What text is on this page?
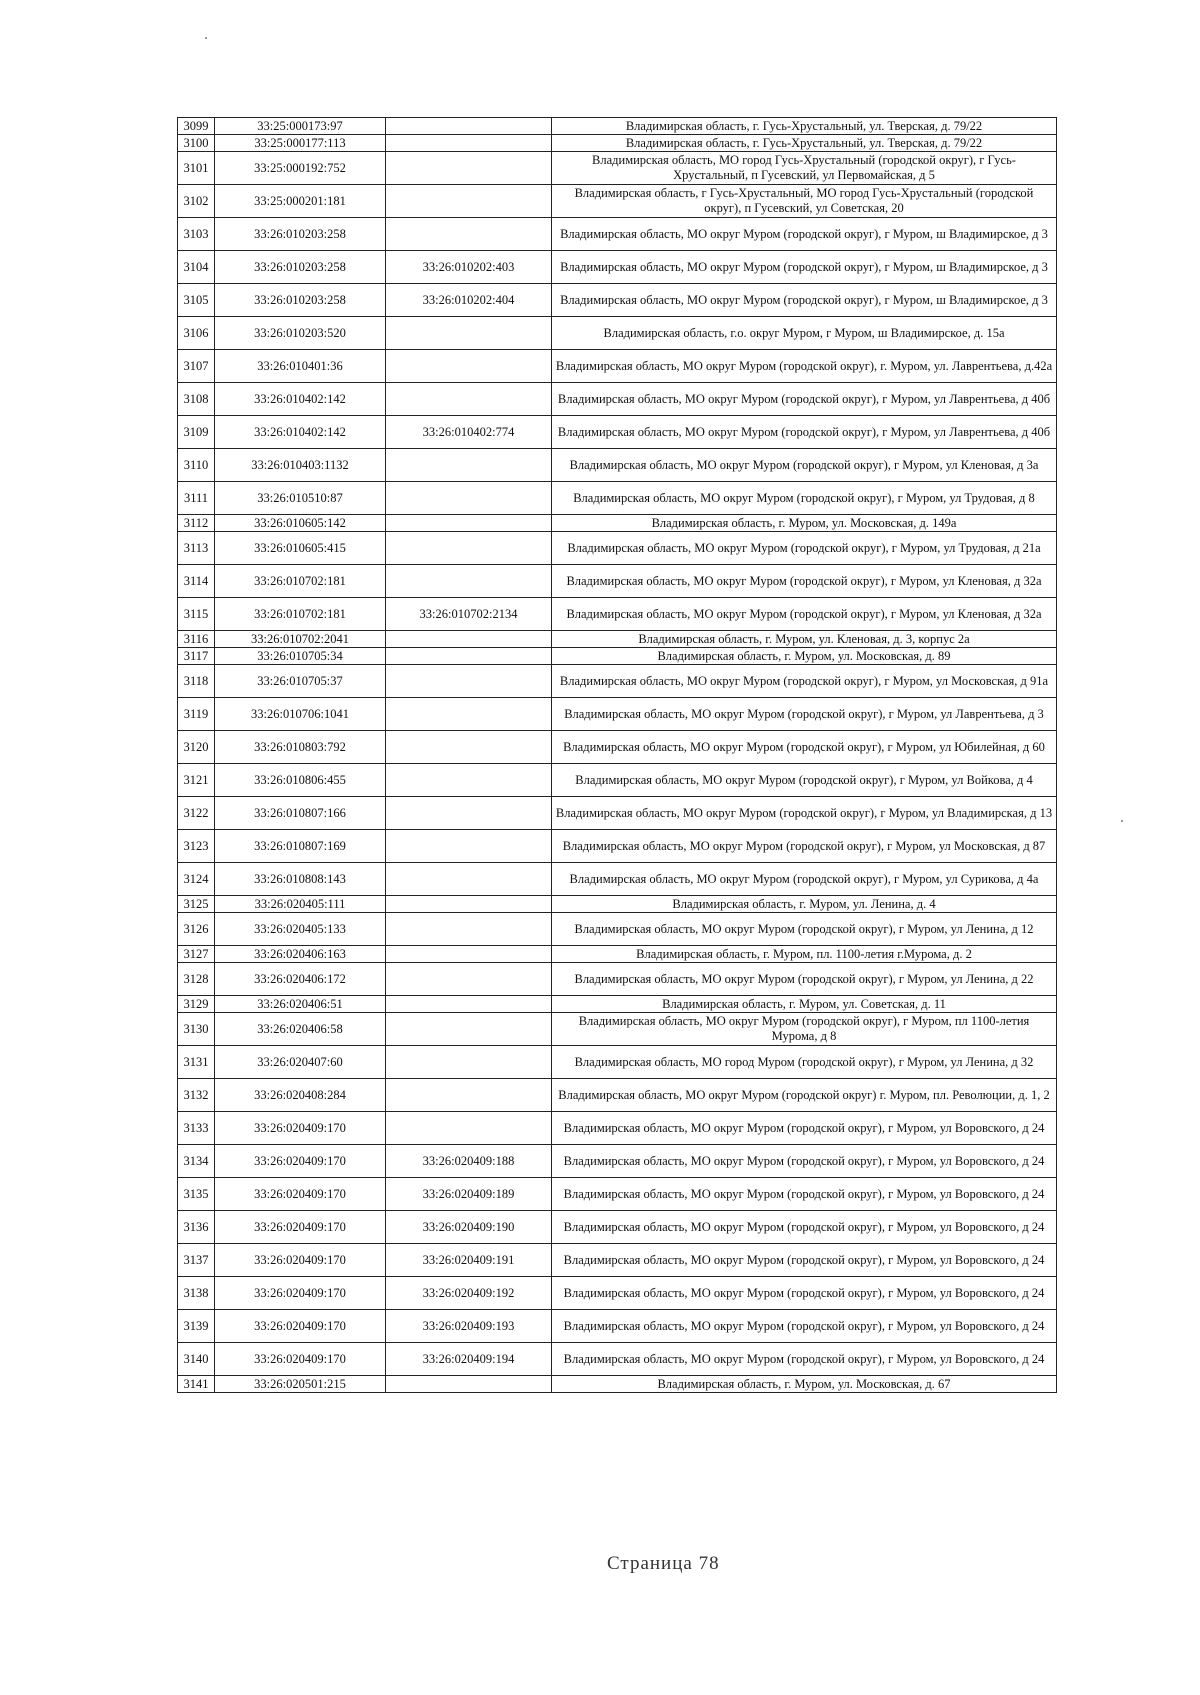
3099	33:25:000173:97		Владимирская область, г. Гусь-Хрустальный, ул. Тверская, д. 79/22
3100	33:25:000177:113		Владимирская область, г. Гусь-Хрустальный, ул. Тверская, д. 79/22
3101	33:25:000192:752		Владимирская область, МО город Гусь-Хрустальный (городской округ), г Гусь-Хрустальный, п Гусевский, ул Первомайская, д 5
3102	33:25:000201:181		Владимирская область, г Гусь-Хрустальный, МО город Гусь-Хрустальный (городской округ), п Гусевский, ул Советская, 20
3103	33:26:010203:258		Владимирская область, МО округ Муром (городской округ), г Муром, ш Владимирское, д 3
3104	33:26:010203:258	33:26:010202:403	Владимирская область, МО округ Муром (городской округ), г Муром, ш Владимирское, д 3
3105	33:26:010203:258	33:26:010202:404	Владимирская область, МО округ Муром (городской округ), г Муром, ш Владимирское, д 3
3106	33:26:010203:520		Владимирская область, г.о. округ Муром, г Муром, ш Владимирское, д. 15а
3107	33:26:010401:36		Владимирская область, МО округ Муром (городской округ), г. Муром, ул. Лаврентьева, д.42а
3108	33:26:010402:142		Владимирская область, МО округ Муром (городской округ), г Муром, ул Лаврентьева, д 40б
3109	33:26:010402:142	33:26:010402:774	Владимирская область, МО округ Муром (городской округ), г Муром, ул Лаврентьева, д 40б
3110	33:26:010403:1132		Владимирская область, МО округ Муром (городской округ), г Муром, ул Кленовая, д 3а
3111	33:26:010510:87		Владимирская область, МО округ Муром (городской округ), г Муром, ул Трудовая, д 8
3112	33:26:010605:142		Владимирская область, г. Муром, ул. Московская, д. 149а
3113	33:26:010605:415		Владимирская область, МО округ Муром (городской округ), г Муром, ул Трудовая, д 21а
3114	33:26:010702:181		Владимирская область, МО округ Муром (городской округ), г Муром, ул Кленовая, д 32а
3115	33:26:010702:181	33:26:010702:2134	Владимирская область, МО округ Муром (городской округ), г Муром, ул Кленовая, д 32а
3116	33:26:010702:2041		Владимирская область, г. Муром, ул. Кленовая, д. 3, корпус 2а
3117	33:26:010705:34		Владимирская область, г. Муром, ул. Московская, д. 89
3118	33:26:010705:37		Владимирская область, МО округ Муром (городской округ), г Муром, ул Московская, д 91а
3119	33:26:010706:1041		Владимирская область, МО округ Муром (городской округ), г Муром, ул Лаврентьева, д 3
3120	33:26:010803:792		Владимирская область, МО округ Муром (городской округ), г Муром, ул Юбилейная, д 60
3121	33:26:010806:455		Владимирская область, МО округ Муром (городской округ), г Муром, ул Войкова, д 4
3122	33:26:010807:166		Владимирская область, МО округ Муром (городской округ), г Муром, ул Владимирская, д 13
3123	33:26:010807:169		Владимирская область, МО округ Муром (городской округ), г Муром, ул Московская, д 87
3124	33:26:010808:143		Владимирская область, МО округ Муром (городской округ), г Муром, ул Сурикова, д 4а
3125	33:26:020405:111		Владимирская область, г. Муром, ул. Ленина, д. 4
3126	33:26:020405:133		Владимирская область, МО округ Муром (городской округ), г Муром, ул Ленина, д 12
3127	33:26:020406:163		Владимирская область, г. Муром, пл. 1100-летия г.Мурома, д. 2
3128	33:26:020406:172		Владимирская область, МО округ Муром (городской округ), г Муром, ул Ленина, д 22
3129	33:26:020406:51		Владимирская область, г. Муром, ул. Советская, д. 11
3130	33:26:020406:58		Владимирская область, МО округ Муром (городской округ), г Муром, пл 1100-летия Мурома, д 8
3131	33:26:020407:60		Владимирская область, МО город Муром (городской округ), г Муром, ул Ленина, д 32
3132	33:26:020408:284		Владимирская область, МО округ Муром (городской округ) г. Муром, пл. Революции, д. 1, 2
3133	33:26:020409:170		Владимирская область, МО округ Муром (городской округ), г Муром, ул Воровского, д 24
3134	33:26:020409:170	33:26:020409:188	Владимирская область, МО округ Муром (городской округ), г Муром, ул Воровского, д 24
3135	33:26:020409:170	33:26:020409:189	Владимирская область, МО округ Муром (городской округ), г Муром, ул Воровского, д 24
3136	33:26:020409:170	33:26:020409:190	Владимирская область, МО округ Муром (городской округ), г Муром, ул Воровского, д 24
3137	33:26:020409:170	33:26:020409:191	Владимирская область, МО округ Муром (городской округ), г Муром, ул Воровского, д 24
3138	33:26:020409:170	33:26:020409:192	Владимирская область, МО округ Муром (городской округ), г Муром, ул Воровского, д 24
3139	33:26:020409:170	33:26:020409:193	Владимирская область, МО округ Муром (городской округ), г Муром, ул Воровского, д 24
3140	33:26:020409:170	33:26:020409:194	Владимирская область, МО округ Муром (городской округ), г Муром, ул Воровского, д 24
3141	33:26:020501:215		Владимирская область, г. Муром, ул. Московская, д. 67
Страница 78
